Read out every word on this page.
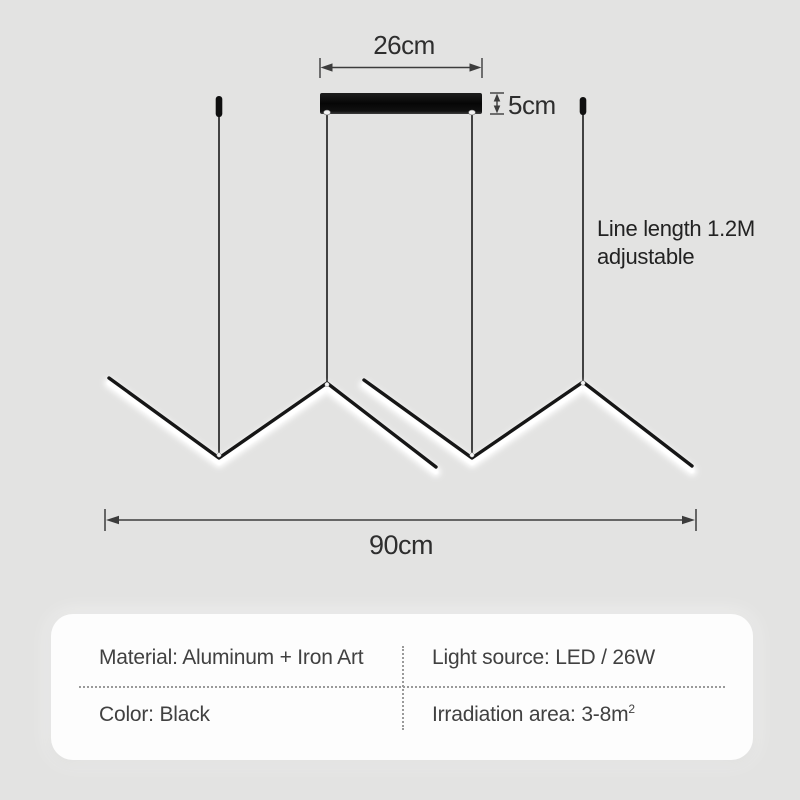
26cm
5cm
Line length 1.2M
adjustable
90cm
Material: Aluminum + Iron Art	Light source: LED / 26W
Color: Black	Irradiation area: $3-8m^2$
